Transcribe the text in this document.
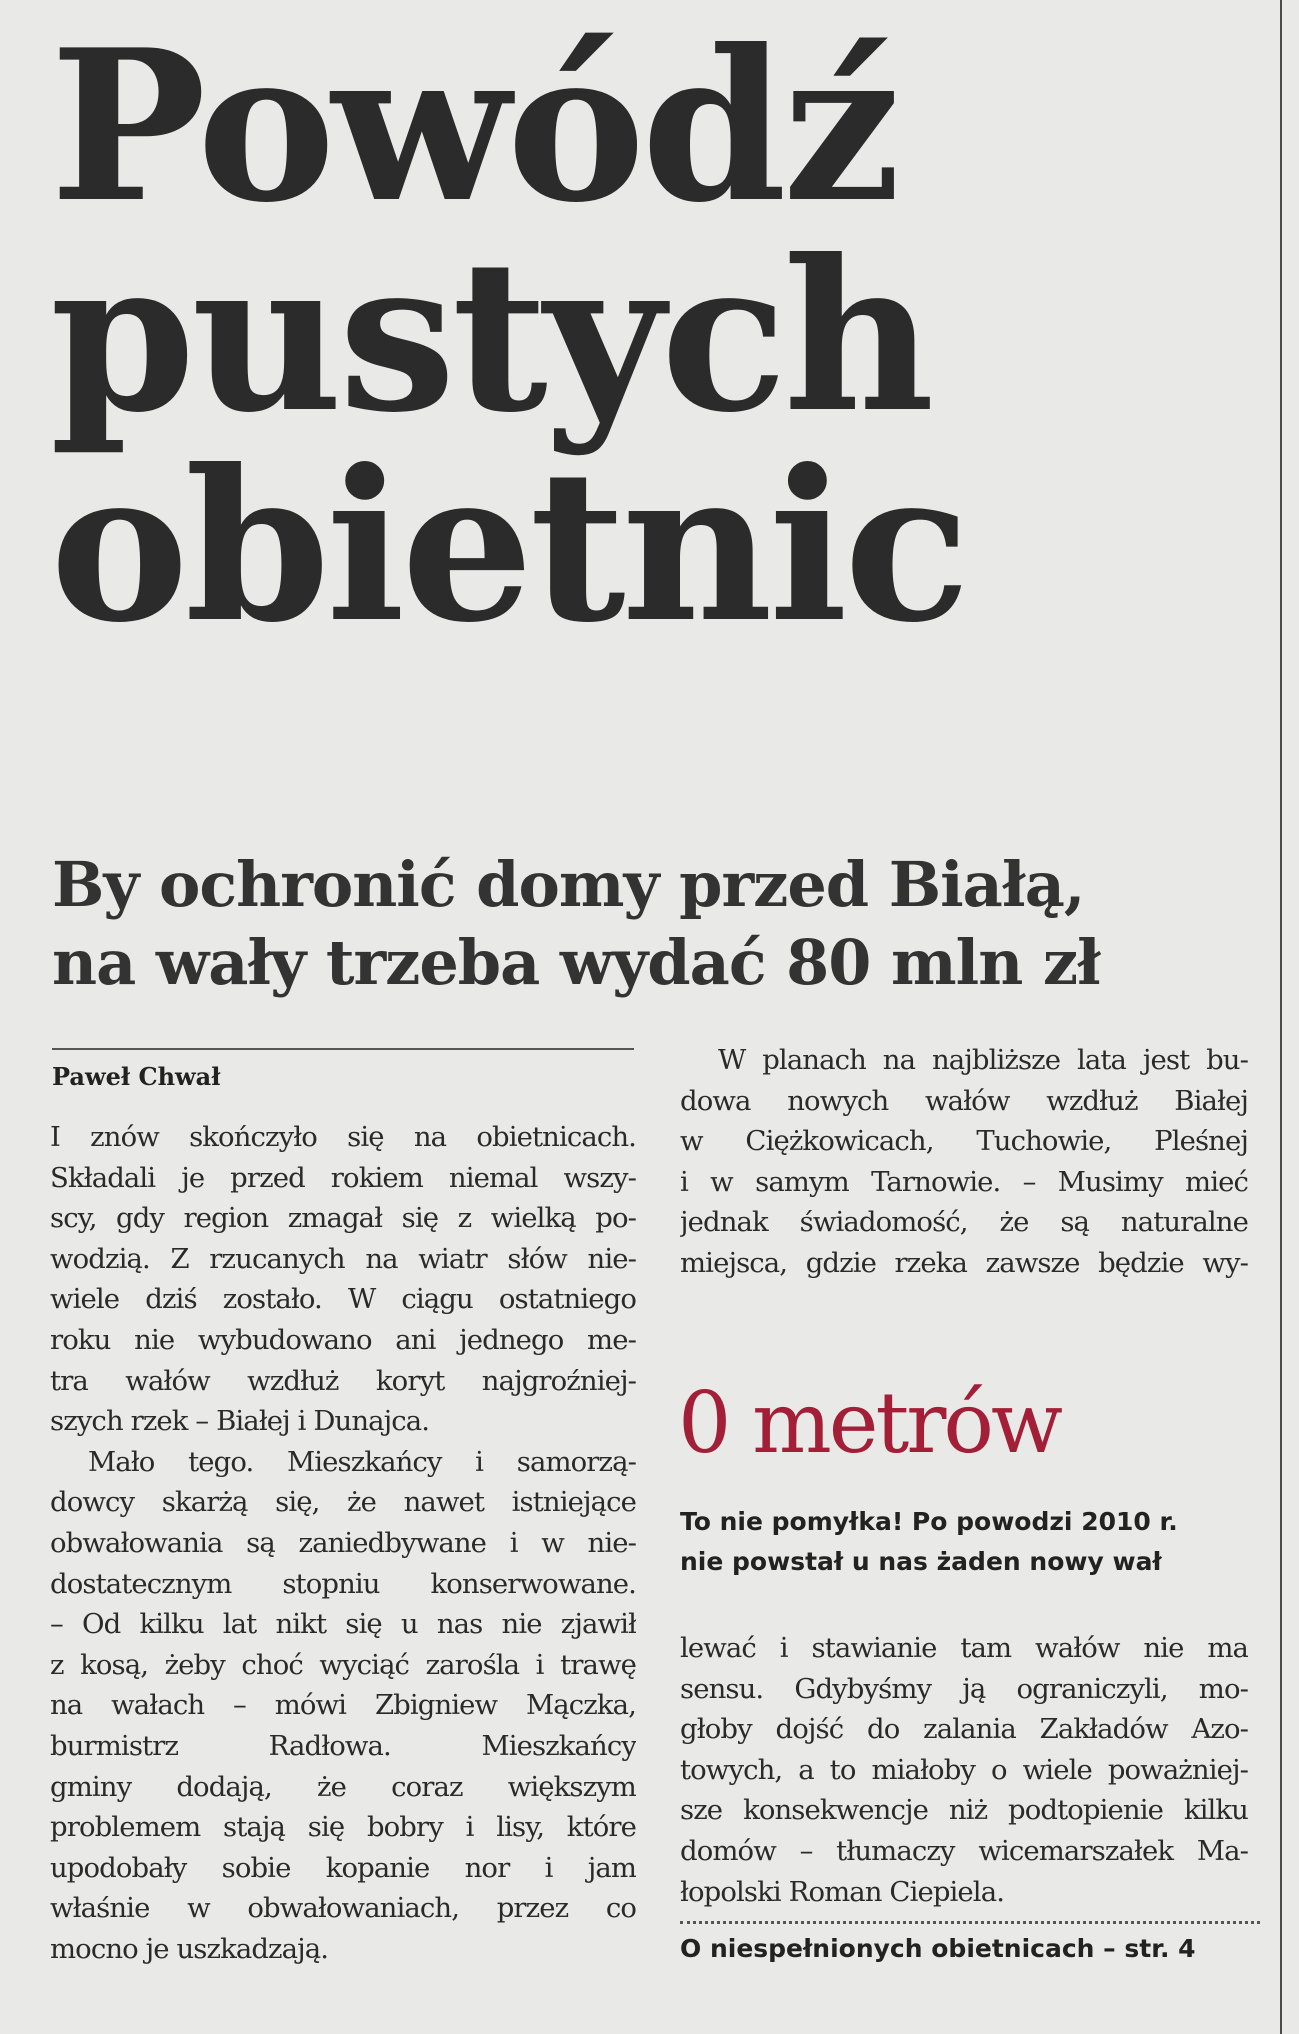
Powódź
pustych
obietnic
By ochronić domy przed Białą,
na wały trzeba wydać 80 mln zł
Paweł Chwał
I znów skończyło się na obietnicach.
Składali je przed rokiem niemal wszy-
scy, gdy region zmagał się z wielką po-
wodzią. Z rzucanych na wiatr słów nie-
wiele dziś zostało. W ciągu ostatniego
roku nie wybudowano ani jednego me-
tra wałów wzdłuż koryt najgroźniej-
szych rzek – Białej i Dunajca.
Mało tego. Mieszkańcy i samorzą-
dowcy skarżą się, że nawet istniejące
obwałowania są zaniedbywane i w nie-
dostatecznym stopniu konserwowane.
– Od kilku lat nikt się u nas nie zjawił
z kosą, żeby choć wyciąć zarośla i trawę
na wałach – mówi Zbigniew Mączka,
burmistrz Radłowa. Mieszkańcy
gminy dodają, że coraz większym
problemem stają się bobry i lisy, które
upodobały sobie kopanie nor i jam
właśnie w obwałowaniach, przez co
mocno je uszkadzają.
W planach na najbliższe lata jest bu-
dowa nowych wałów wzdłuż Białej
w Ciężkowicach, Tuchowie, Pleśnej
i w samym Tarnowie. – Musimy mieć
jednak świadomość, że są naturalne
miejsca, gdzie rzeka zawsze będzie wy-
0 metrów
To nie pomyłka! Po powodzi 2010 r.
nie powstał u nas żaden nowy wał
lewać i stawianie tam wałów nie ma
sensu. Gdybyśmy ją ograniczyli, mo-
głoby dojść do zalania Zakładów Azo-
towych, a to miałoby o wiele poważniej-
sze konsekwencje niż podtopienie kilku
domów – tłumaczy wicemarszałek Ma-
łopolski Roman Ciepiela.
O niespełnionych obietnicach – str. 4
